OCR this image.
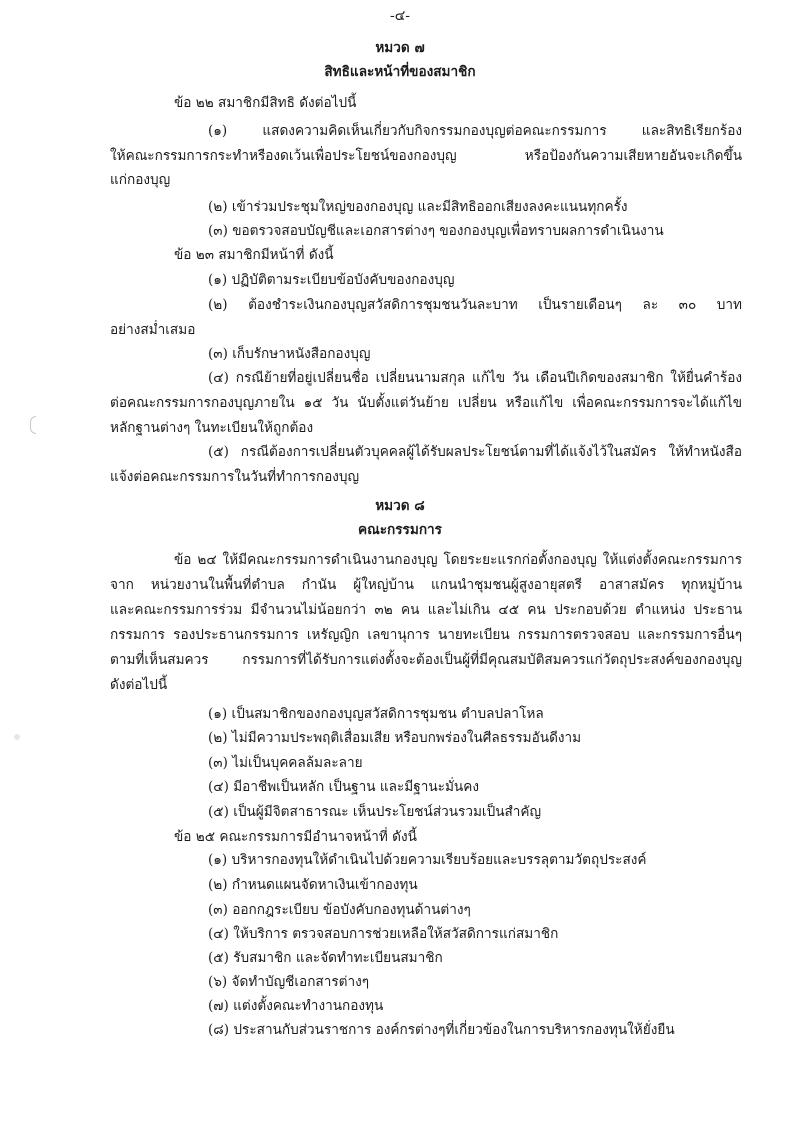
-๔-
หมวด ๗
สิทธิและหน้าที่ของสมาชิก
ข้อ ๒๒ สมาชิกมีสิทธิ ดังต่อไปนี้
(๑) แสดงความคิดเห็นเกี่ยวกับกิจกรรมกองบุญต่อคณะกรรมการ และสิทธิเรียกร้อง
ให้คณะกรรมการกระทำหรืองดเว้นเพื่อประโยชน์ของกองบุญ หรือป้องกันความเสียหายอันจะเกิดขึ้น
แก่กองบุญ
(๒) เข้าร่วมประชุมใหญ่ของกองบุญ และมีสิทธิออกเสียงลงคะแนนทุกครั้ง
(๓) ขอตรวจสอบบัญชีและเอกสารต่างๆ ของกองบุญเพื่อทราบผลการดำเนินงาน
ข้อ ๒๓ สมาชิกมีหน้าที่ ดังนี้
(๑) ปฏิบัติตามระเบียบข้อบังคับของกองบุญ
(๒) ต้องชำระเงินกองบุญสวัสดิการชุมชนวันละบาท เป็นรายเดือนๆ ละ ๓๐ บาท
อย่างสม่ำเสมอ
(๓) เก็บรักษาหนังสือกองบุญ
(๔) กรณีย้ายที่อยู่เปลี่ยนชื่อ เปลี่ยนนามสกุล แก้ไข วัน เดือนปีเกิดของสมาชิก ให้ยื่นคำร้อง
ต่อคณะกรรมการกองบุญภายใน ๑๕ วัน นับตั้งแต่วันย้าย เปลี่ยน หรือแก้ไข เพื่อคณะกรรมการจะได้แก้ไข
หลักฐานต่างๆ ในทะเบียนให้ถูกต้อง
(๕) กรณีต้องการเปลี่ยนตัวบุคคลผู้ได้รับผลประโยชน์ตามที่ได้แจ้งไว้ในสมัคร ให้ทำหนังสือ
แจ้งต่อคณะกรรมการในวันที่ทำการกองบุญ
หมวด ๘
คณะกรรมการ
ข้อ ๒๔ ให้มีคณะกรรมการดำเนินงานกองบุญ โดยระยะแรกก่อตั้งกองบุญ ให้แต่งตั้งคณะกรรมการ
จาก หน่วยงานในพื้นที่ตำบล กำนัน ผู้ใหญ่บ้าน แกนนำชุมชนผู้สูงอายุสตรี อาสาสมัคร ทุกหมู่บ้าน
และคณะกรรมการร่วม มีจำนวนไม่น้อยกว่า ๓๒ คน และไม่เกิน ๔๕ คน ประกอบด้วย ตำแหน่ง ประธาน
กรรมการ รองประธานกรรมการ เหรัญญิก เลขานุการ นายทะเบียน กรรมการตรวจสอบ และกรรมการอื่นๆ
ตามที่เห็นสมควร กรรมการที่ได้รับการแต่งตั้งจะต้องเป็นผู้ที่มีคุณสมบัติสมควรแก่วัตถุประสงค์ของกองบุญ
ดังต่อไปนี้
(๑) เป็นสมาชิกของกองบุญสวัสดิการชุมชน ตำบลปลาโหล
(๒) ไม่มีความประพฤติเสื่อมเสีย หรือบกพร่องในศีลธรรมอันดีงาม
(๓) ไม่เป็นบุคคลล้มละลาย
(๔) มีอาชีพเป็นหลัก เป็นฐาน และมีฐานะมั่นคง
(๕) เป็นผู้มีจิตสาธารณะ เห็นประโยชน์ส่วนรวมเป็นสำคัญ
ข้อ ๒๕ คณะกรรมการมีอำนาจหน้าที่ ดังนี้
(๑) บริหารกองทุนให้ดำเนินไปด้วยความเรียบร้อยและบรรลุตามวัตถุประสงค์
(๒) กำหนดแผนจัดหาเงินเข้ากองทุน
(๓) ออกกฎระเบียบ ข้อบังคับกองทุนด้านต่างๆ
(๔) ให้บริการ ตรวจสอบการช่วยเหลือให้สวัสดิการแก่สมาชิก
(๕) รับสมาชิก และจัดทำทะเบียนสมาชิก
(๖) จัดทำบัญชีเอกสารต่างๆ
(๗) แต่งตั้งคณะทำงานกองทุน
(๘) ประสานกับส่วนราชการ องค์กรต่างๆที่เกี่ยวข้องในการบริหารกองทุนให้ยั่งยืน
